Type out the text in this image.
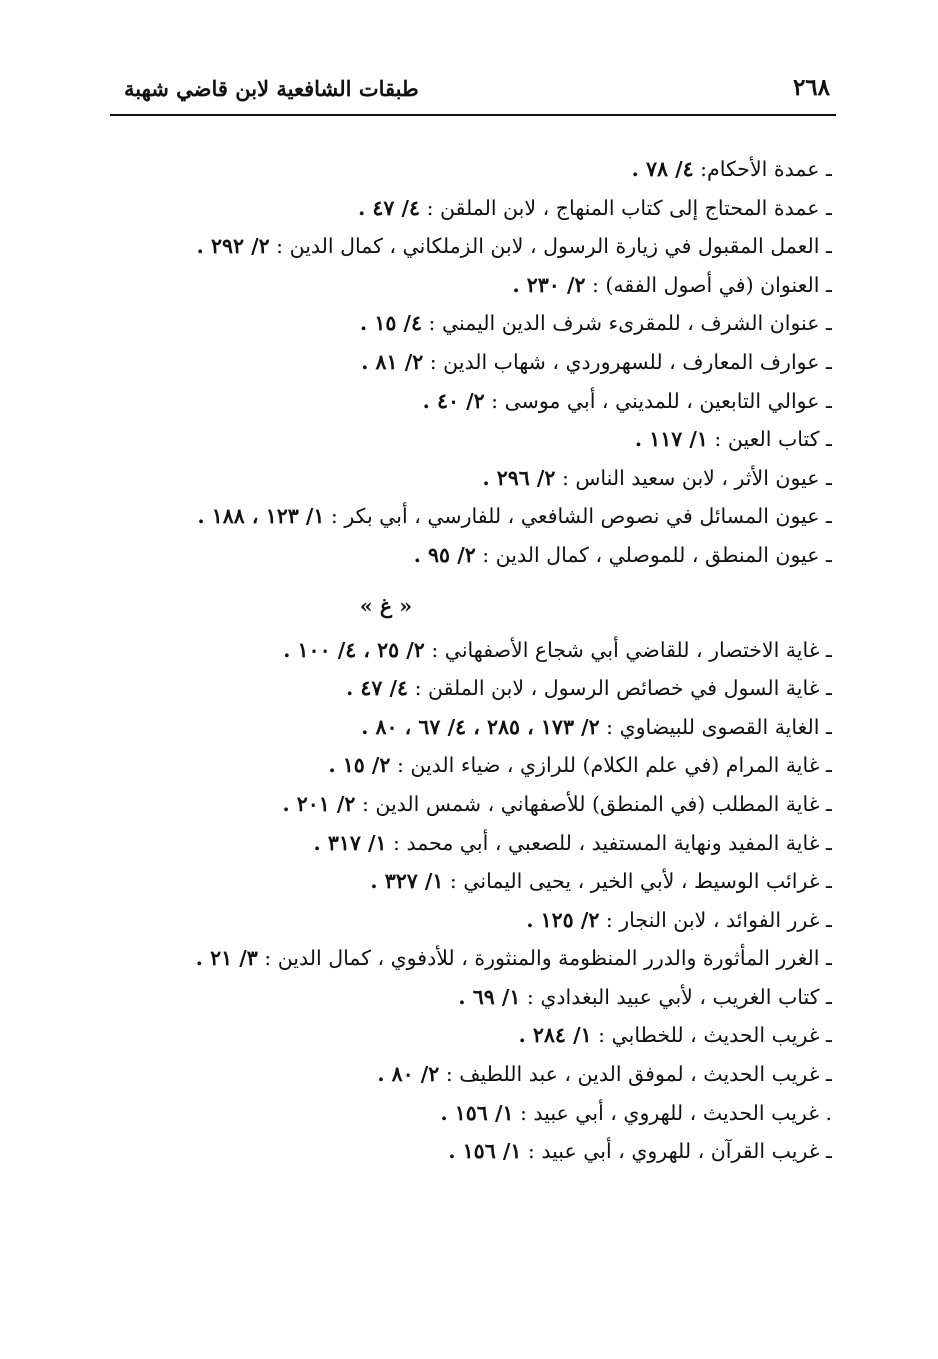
٢٦٨
طبقات الشافعية لابن قاضي شهبة
ـ عمدة الأحكام: ٤/ ٧٨ .
ـ عمدة المحتاج إلى كتاب المنهاج ، لابن الملقن : ٤/ ٤٧ .
ـ العمل المقبول في زيارة الرسول ، لابن الزملكاني ، كمال الدين : ٢/ ٢٩٢ .
ـ العنوان (في أصول الفقه) : ٢/ ٢٣٠ .
ـ عنوان الشرف ، للمقرىء شرف الدين اليمني : ٤/ ١٥ .
ـ عوارف المعارف ، للسهروردي ، شهاب الدين : ٢/ ٨١ .
ـ عوالي التابعين ، للمديني ، أبي موسى : ٢/ ٤٠ .
ـ كتاب العين : ١/ ١١٧ .
ـ عيون الأثر ، لابن سعيد الناس : ٢/ ٢٩٦ .
ـ عيون المسائل في نصوص الشافعي ، للفارسي ، أبي بكر : ١/ ١٢٣ ، ١٨٨ .
ـ عيون المنطق ، للموصلي ، كمال الدين : ٢/ ٩٥ .
« غ »
ـ غاية الاختصار ، للقاضي أبي شجاع الأصفهاني : ٢/ ٢٥ ، ٤/ ١٠٠ .
ـ غاية السول في خصائص الرسول ، لابن الملقن : ٤/ ٤٧ .
ـ الغاية القصوى للبيضاوي : ٢/ ١٧٣ ، ٢٨٥ ، ٤/ ٦٧ ، ٨٠ .
ـ غاية المرام (في علم الكلام) للرازي ، ضياء الدين : ٢/ ١٥ .
ـ غاية المطلب (في المنطق) للأصفهاني ، شمس الدين : ٢/ ٢٠١ .
ـ غاية المفيد ونهاية المستفيد ، للصعبي ، أبي محمد : ١/ ٣١٧ .
ـ غرائب الوسيط ، لأبي الخير ، يحيى اليماني : ١/ ٣٢٧ .
ـ غرر الفوائد ، لابن النجار : ٢/ ١٢٥ .
ـ الغرر المأثورة والدرر المنظومة والمنثورة ، للأدفوي ، كمال الدين : ٣/ ٢١ .
ـ كتاب الغريب ، لأبي عبيد البغدادي : ١/ ٦٩ .
ـ غريب الحديث ، للخطابي : ١/ ٢٨٤ .
ـ غريب الحديث ، لموفق الدين ، عبد اللطيف : ٢/ ٨٠ .
. غريب الحديث ، للهروي ، أبي عبيد : ١/ ١٥٦ .
ـ غريب القرآن ، للهروي ، أبي عبيد : ١/ ١٥٦ .
